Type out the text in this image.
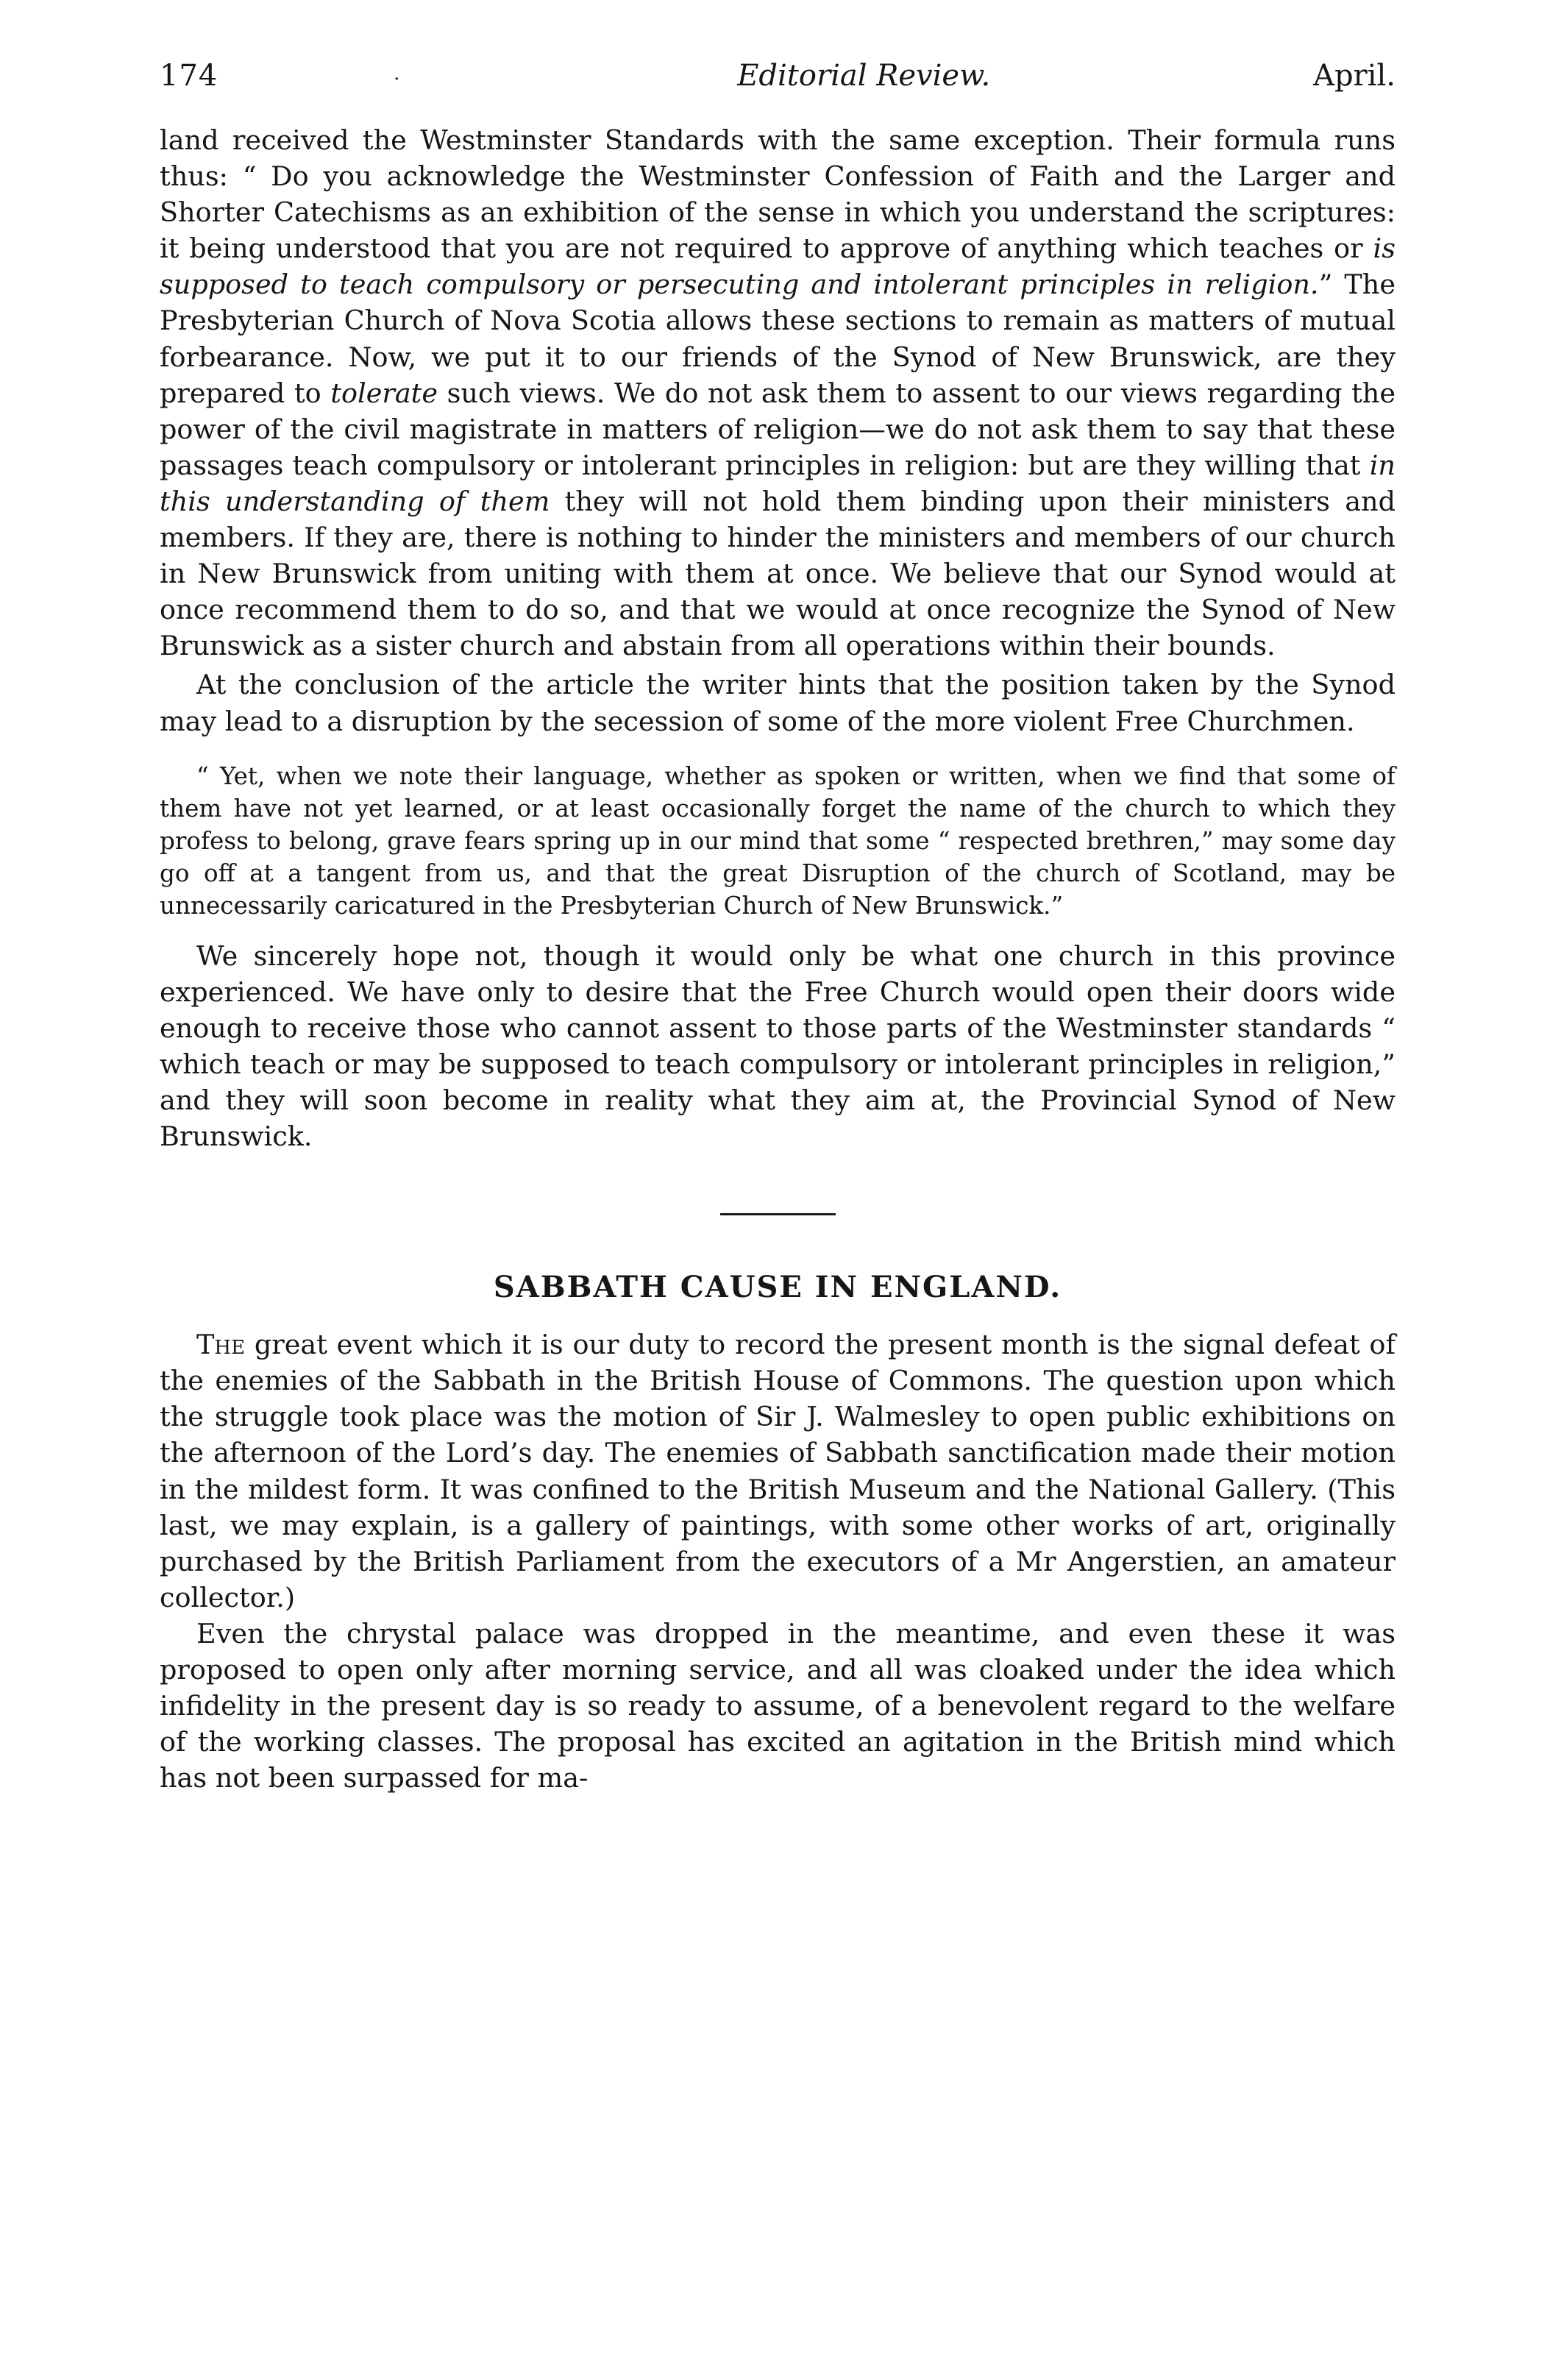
174	·	Editorial Review.	April.

land received the Westminster Standards with the same exception. Their formula runs thus: “ Do you acknowledge the Westminster Confession of Faith and the Larger and Shorter Catechisms as an exhibition of the sense in which you understand the scriptures: it being understood that you are not required to approve of anything which teaches or is supposed to teach compulsory or persecuting and intolerant principles in religion.” The Presbyterian Church of Nova Scotia allows these sections to remain as matters of mutual forbearance. Now, we put it to our friends of the Synod of New Brunswick, are they prepared to tolerate such views. We do not ask them to assent to our views regarding the power of the civil magistrate in matters of religion—we do not ask them to say that these passages teach compulsory or intolerant principles in religion: but are they willing that in this understanding of them they will not hold them binding upon their ministers and members. If they are, there is nothing to hinder the ministers and members of our church in New Brunswick from uniting with them at once. We believe that our Synod would at once recommend them to do so, and that we would at once recognize the Synod of New Brunswick as a sister church and abstain from all operations within their bounds.

At the conclusion of the article the writer hints that the position taken by the Synod may lead to a disruption by the secession of some of the more violent Free Churchmen.

“ Yet, when we note their language, whether as spoken or written, when we find that some of them have not yet learned, or at least occasionally forget the name of the church to which they profess to belong, grave fears spring up in our mind that some “ respected brethren,” may some day go off at a tangent from us, and that the great Disruption of the church of Scotland, may be unnecessarily caricatured in the Presbyterian Church of New Brunswick.”

We sincerely hope not, though it would only be what one church in this province experienced. We have only to desire that the Free Church would open their doors wide enough to receive those who cannot assent to those parts of the Westminster standards “ which teach or may be supposed to teach compulsory or intolerant principles in religion,” and they will soon become in reality what they aim at, the Provincial Synod of New Brunswick.

SABBATH CAUSE IN ENGLAND.

The great event which it is our duty to record the present month is the signal defeat of the enemies of the Sabbath in the British House of Commons. The question upon which the struggle took place was the motion of Sir J. Walmesley to open public exhibitions on the afternoon of the Lord’s day. The enemies of Sabbath sanctification made their motion in the mildest form. It was confined to the British Museum and the National Gallery. (This last, we may explain, is a gallery of paintings, with some other works of art, originally purchased by the British Parliament from the executors of a Mr Angerstien, an amateur collector.)

Even the chrystal palace was dropped in the meantime, and even these it was proposed to open only after morning service, and all was cloaked under the idea which infidelity in the present day is so ready to assume, of a benevolent regard to the welfare of the working classes. The proposal has excited an agitation in the British mind which has not been surpassed for ma-
